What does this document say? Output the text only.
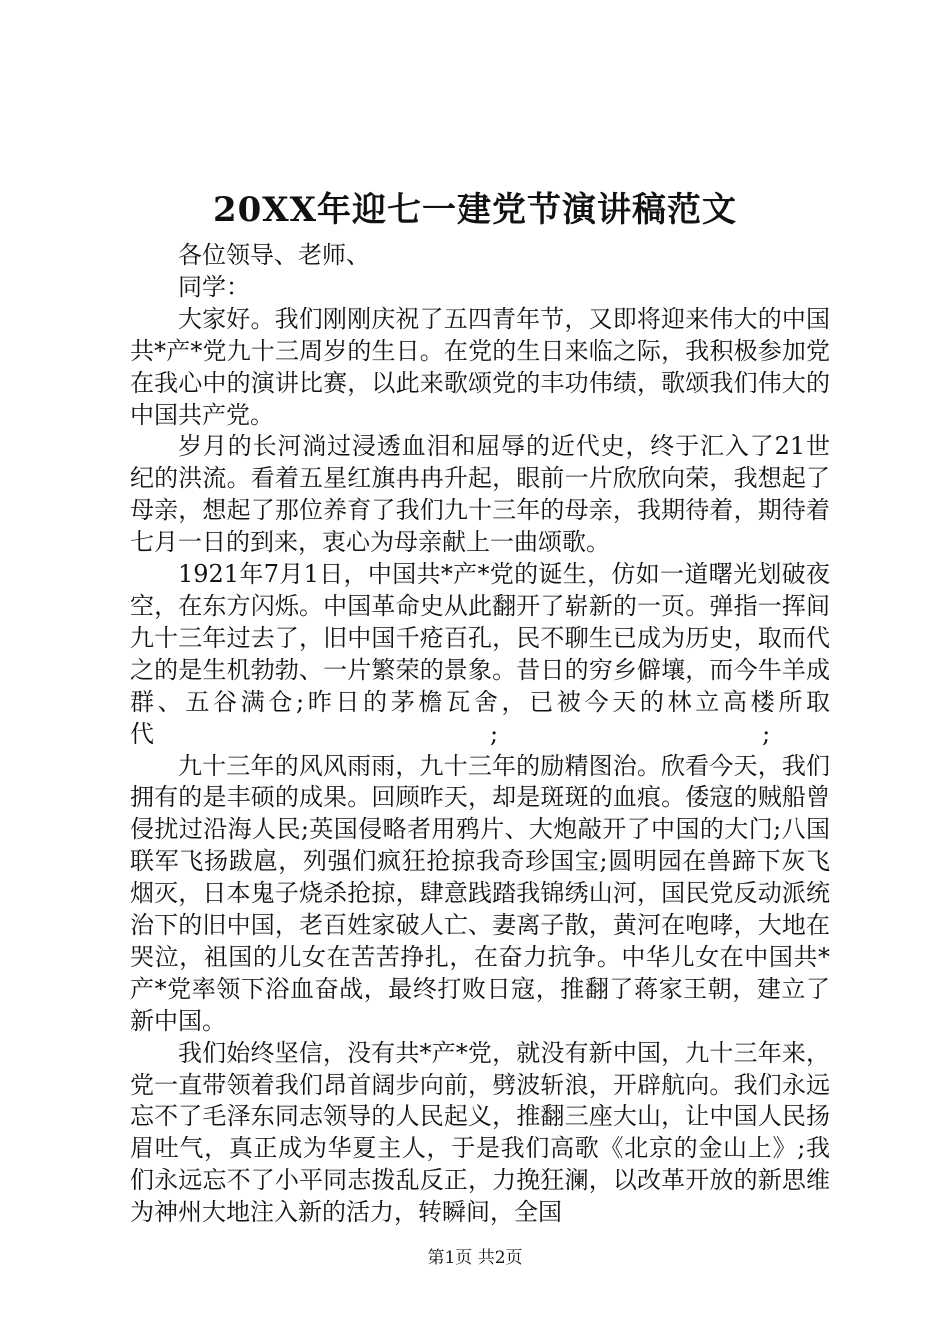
20XX年迎七一建党节演讲稿范文

各位领导、老师、

同学：

大家好。我们刚刚庆祝了五四青年节，又即将迎来伟大的中国共*产*党九十三周岁的生日。在党的生日来临之际，我积极参加党在我心中的演讲比赛，以此来歌颂党的丰功伟绩，歌颂我们伟大的中国共产党。

岁月的长河淌过浸透血泪和屈辱的近代史，终于汇入了21世纪的洪流。看着五星红旗冉冉升起，眼前一片欣欣向荣，我想起了母亲，想起了那位养育了我们九十三年的母亲，我期待着，期待着七月一日的到来，衷心为母亲献上一曲颂歌。

1921年7月1日，中国共*产*党的诞生，仿如一道曙光划破夜空，在东方闪烁。中国革命史从此翻开了崭新的一页。弹指一挥间九十三年过去了，旧中国千疮百孔，民不聊生已成为历史，取而代之的是生机勃勃、一片繁荣的景象。昔日的穷乡僻壤，而今牛羊成群、五谷满仓;昨日的茅檐瓦舍，已被今天的林立高楼所取代　　　　　　　　　　　　　　;　　　　　　　　　　　;

九十三年的风风雨雨，九十三年的励精图治。欣看今天，我们拥有的是丰硕的成果。回顾昨天，却是斑斑的血痕。倭寇的贼船曾侵扰过沿海人民;英国侵略者用鸦片、大炮敲开了中国的大门;八国联军飞扬跋扈，列强们疯狂抢掠我奇珍国宝;圆明园在兽蹄下灰飞烟灭，日本鬼子烧杀抢掠，肆意践踏我锦绣山河，国民党反动派统治下的旧中国，老百姓家破人亡、妻离子散，黄河在咆哮，大地在哭泣，祖国的儿女在苦苦挣扎，在奋力抗争。中华儿女在中国共*产*党率领下浴血奋战，最终打败日寇，推翻了蒋家王朝，建立了新中国。

我们始终坚信，没有共*产*党，就没有新中国，九十三年来，党一直带领着我们昂首阔步向前，劈波斩浪，开辟航向。我们永远忘不了毛泽东同志领导的人民起义，推翻三座大山，让中国人民扬眉吐气，真正成为华夏主人，于是我们高歌《北京的金山上》;我们永远忘不了小平同志拨乱反正，力挽狂澜，以改革开放的新思维为神州大地注入新的活力，转瞬间，全国

第1页 共2页
